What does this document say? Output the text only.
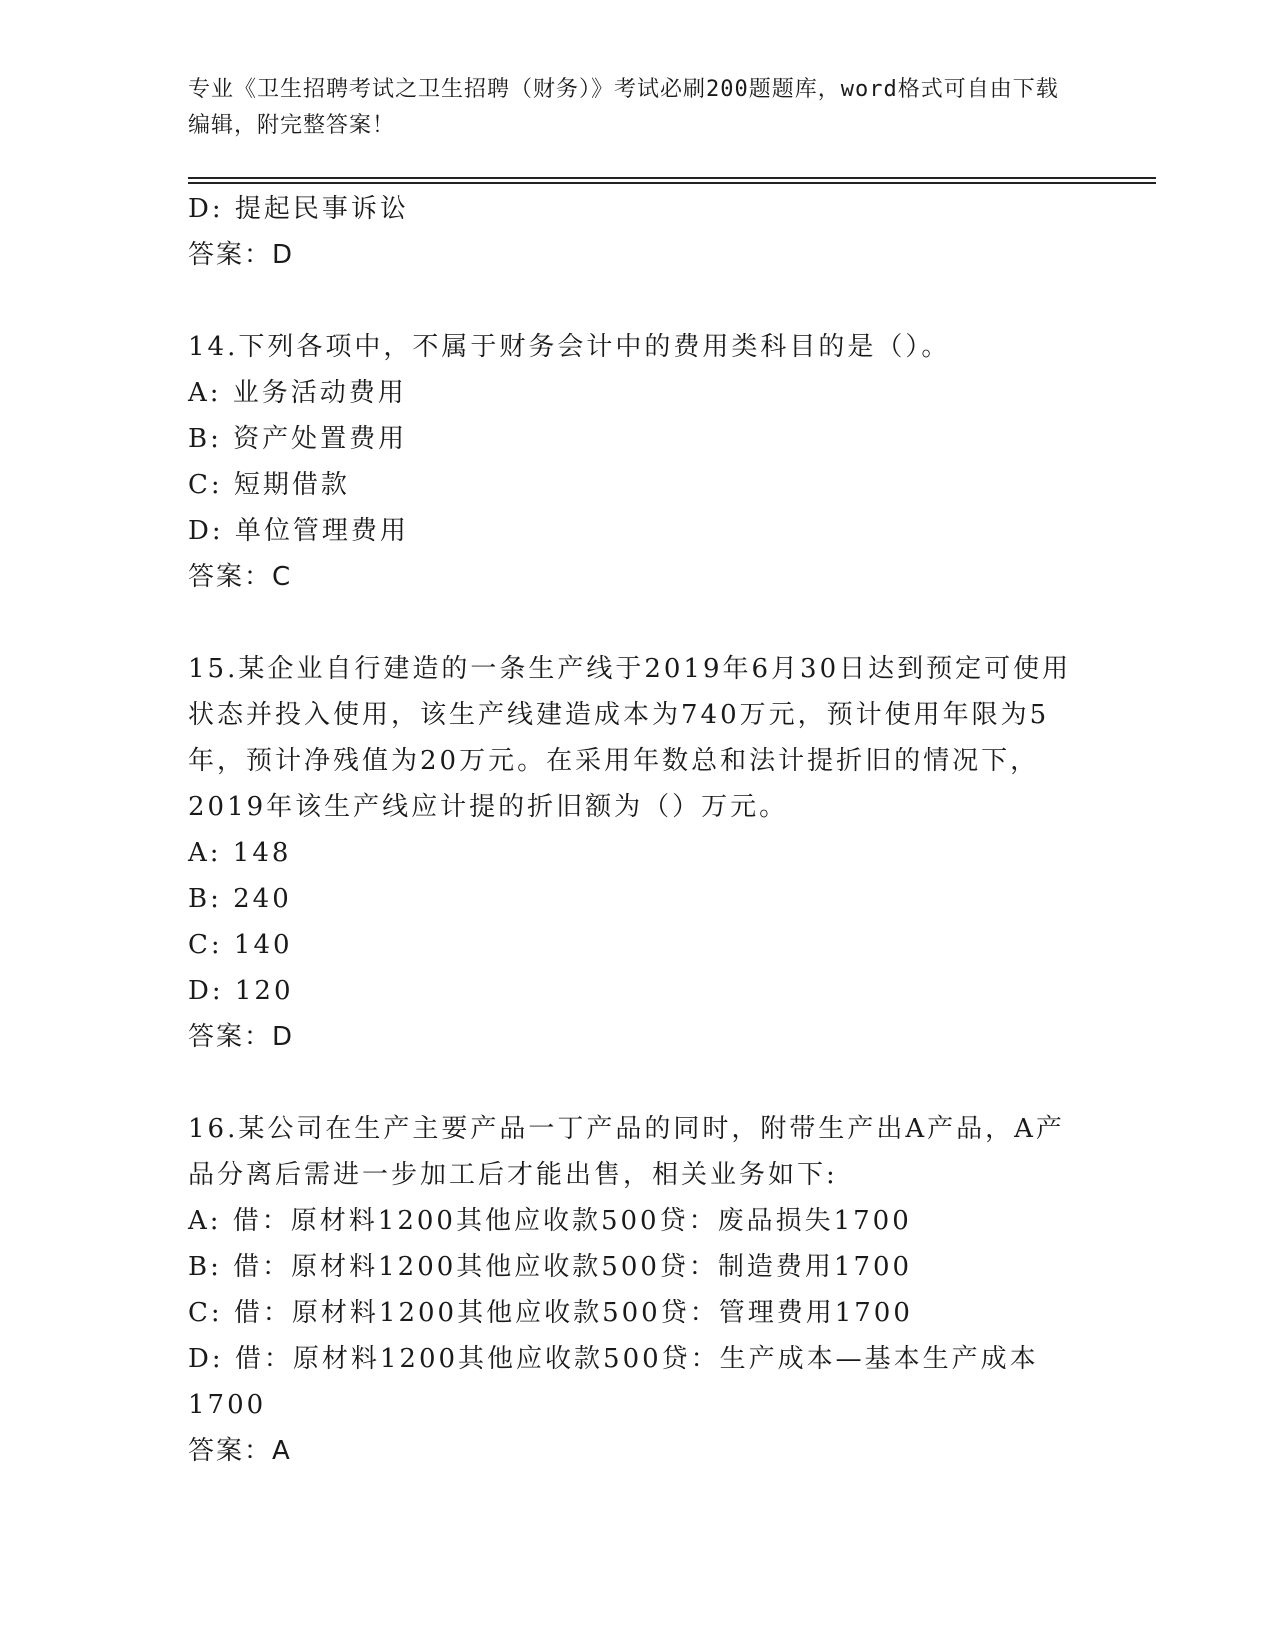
专业《卫生招聘考试之卫生招聘（财务）》考试必刷200题题库，word格式可自由下载编辑，附完整答案！
D: 提起民事诉讼
答案：D
14.下列各项中，不属于财务会计中的费用类科目的是（）。
A: 业务活动费用
B: 资产处置费用
C: 短期借款
D: 单位管理费用
答案：C
15.某企业自行建造的一条生产线于2019年6月30日达到预定可使用状态并投入使用，该生产线建造成本为740万元，预计使用年限为5年，预计净残值为20万元。在采用年数总和法计提折旧的情况下，2019年该生产线应计提的折旧额为（）万元。
A: 148
B: 240
C: 140
D: 120
答案：D
16.某公司在生产主要产品一丁产品的同时，附带生产出A产品，A产品分离后需进一步加工后才能出售，相关业务如下:
A: 借：原材料1200其他应收款500贷：废品损失1700
B: 借：原材料1200其他应收款500贷：制造费用1700
C: 借：原材料1200其他应收款500贷：管理费用1700
D: 借：原材料1200其他应收款500贷：生产成本—基本生产成本1700
答案：A
